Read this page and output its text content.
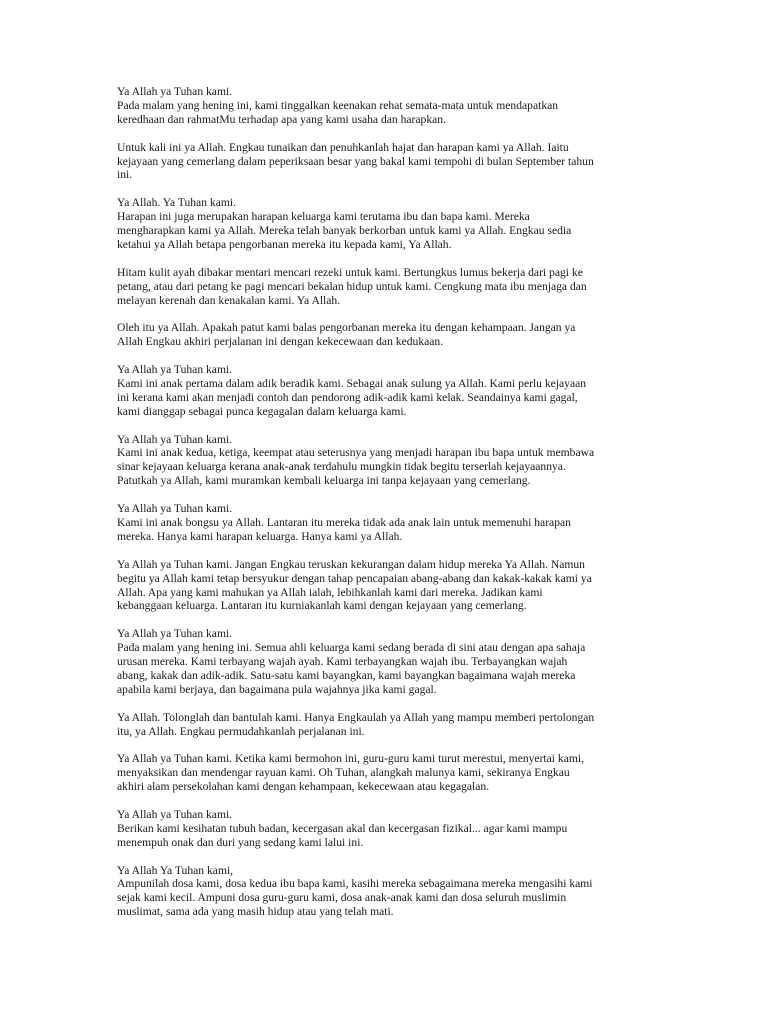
Ya Allah ya Tuhan kami.
Pada malam yang hening ini, kami tinggalkan keenakan rehat semata-mata untuk mendapatkan
keredhaan dan rahmatMu terhadap apa yang kami usaha dan harapkan.

Untuk kali ini ya Allah. Engkau tunaikan dan penuhkanlah hajat dan harapan kami ya Allah. Iaitu
kejayaan yang cemerlang dalam peperiksaan besar yang bakal kami tempohi di bulan September tahun
ini.

Ya Allah. Ya Tuhan kami.
Harapan ini juga merupakan harapan keluarga kami terutama ibu dan bapa kami. Mereka
mengharapkan kami ya Allah. Mereka telah banyak berkorban untuk kami ya Allah. Engkau sedia
ketahui ya Allah betapa pengorbanan mereka itu kepada kami, Ya Allah.

Hitam kulit ayah dibakar mentari mencari rezeki untuk kami. Bertungkus lumus bekerja dari pagi ke
petang, atau dari petang ke pagi mencari bekalan hidup untuk kami. Cengkung mata ibu menjaga dan
melayan kerenah dan kenakalan kami. Ya Allah.

Oleh itu ya Allah. Apakah patut kami balas pengorbanan mereka itu dengan kehampaan. Jangan ya
Allah Engkau akhiri perjalanan ini dengan kekecewaan dan kedukaan.

Ya Allah ya Tuhan kami.
Kami ini anak pertama dalam adik beradik kami. Sebagai anak sulung ya Allah. Kami perlu kejayaan
ini kerana kami akan menjadi contoh dan pendorong adik-adik kami kelak. Seandainya kami gagal,
kami dianggap sebagai punca kegagalan dalam keluarga kami.

Ya Allah ya Tuhan kami.
Kami ini anak kedua, ketiga, keempat atau seterusnya yang menjadi harapan ibu bapa untuk membawa
sinar kejayaan keluarga kerana anak-anak terdahulu mungkin tidak begitu terserlah kejayaannya.
Patutkah ya Allah, kami muramkan kembali keluarga ini tanpa kejayaan yang cemerlang.

Ya Allah ya Tuhan kami.
Kami ini anak bongsu ya Allah. Lantaran itu mereka tidak ada anak lain untuk memenuhi harapan
mereka. Hanya kami harapan keluarga. Hanya kami ya Allah.

Ya Allah ya Tuhan kami. Jangan Engkau teruskan kekurangan dalam hidup mereka Ya Allah. Namun
begitu ya Allah kami tetap bersyukur dengan tahap pencapaian abang-abang dan kakak-kakak kami ya
Allah. Apa yang kami mahukan ya Allah ialah, lebihkanlah kami dari mereka. Jadikan kami
kebanggaan keluarga. Lantaran itu kurniakanlah kami dengan kejayaan yang cemerlang.

Ya Allah ya Tuhan kami.
Pada malam yang hening ini. Semua ahli keluarga kami sedang berada di sini atau dengan apa sahaja
urusan mereka. Kami terbayang wajah ayah. Kami terbayangkan wajah ibu. Terbayangkan wajah
abang, kakak dan adik-adik. Satu-satu kami bayangkan, kami bayangkan bagaimana wajah mereka
apabila kami berjaya, dan bagaimana pula wajahnya jika kami gagal.

Ya Allah. Tolonglah dan bantulah kami. Hanya Engkaulah ya Allah yang mampu memberi pertolongan
itu, ya Allah. Engkau permudahkanlah perjalanan ini.

Ya Allah ya Tuhan kami. Ketika kami bermohon ini, guru-guru kami turut merestui, menyertai kami,
menyaksikan dan mendengar rayuan kami. Oh Tuhan, alangkah malunya kami, sekiranya Engkau
akhiri alam persekolahan kami dengan kehampaan, kekecewaan atau kegagalan.

Ya Allah ya Tuhan kami.
Berikan kami kesihatan tubuh badan, kecergasan akal dan kecergasan fizikal... agar kami mampu
menempuh onak dan duri yang sedang kami lalui ini.

Ya Allah Ya Tuhan kami,
Ampunilah dosa kami, dosa kedua ibu bapa kami, kasihi mereka sebagaimana mereka mengasihi kami
sejak kami kecil. Ampuni dosa guru-guru kami, dosa anak-anak kami dan dosa seluruh muslimin
muslimat, sama ada yang masih hidup atau yang telah mati.
